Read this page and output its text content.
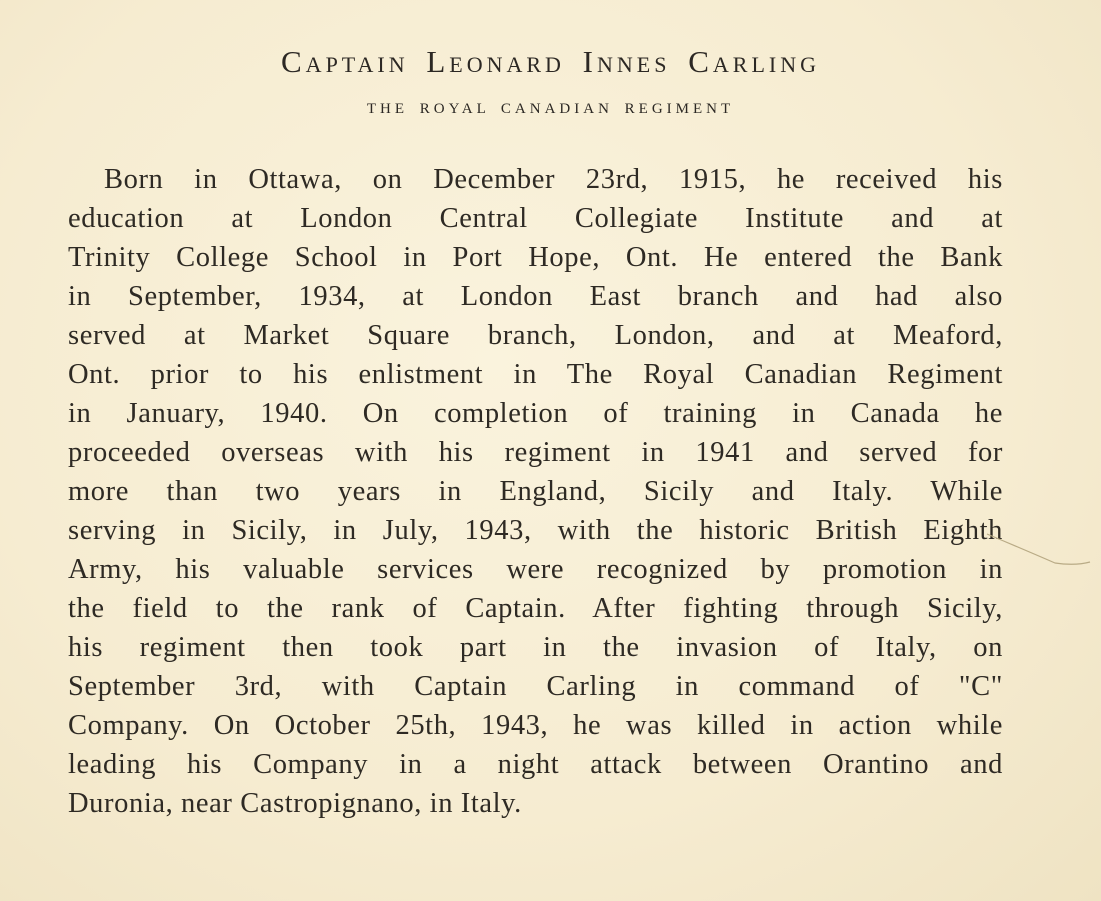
Captain Leonard Innes Carling
THE ROYAL CANADIAN REGIMENT
Born in Ottawa, on December 23rd, 1915, he received his
education at London Central Collegiate Institute and at
Trinity College School in Port Hope, Ont. He entered the Bank
in September, 1934, at London East branch and had also
served at Market Square branch, London, and at Meaford,
Ont. prior to his enlistment in The Royal Canadian Regiment
in January, 1940. On completion of training in Canada he
proceeded overseas with his regiment in 1941 and served for
more than two years in England, Sicily and Italy. While
serving in Sicily, in July, 1943, with the historic British Eighth
Army, his valuable services were recognized by promotion in
the field to the rank of Captain. After fighting through Sicily,
his regiment then took part in the invasion of Italy, on
September 3rd, with Captain Carling in command of "C"
Company. On October 25th, 1943, he was killed in action while
leading his Company in a night attack between Orantino and
Duronia, near Castropignano, in Italy.
